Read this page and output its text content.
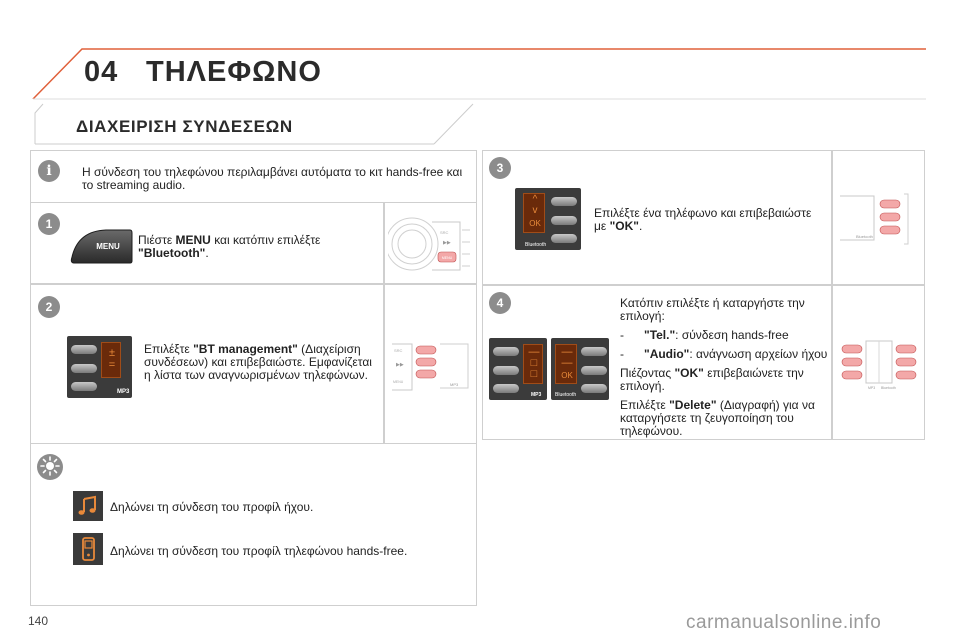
04 ΤΗΛΕΦΩΝΟ
ΔΙΑΧΕΙΡΙΣΗ ΣΥΝΔΕΣΕΩΝ
i	Η σύνδεση του τηλεφώνου περιλαμβάνει αυτόματα το κιτ hands-free και το streaming audio.
1
MENU Πιέστε MENU και κατόπιν επιλέξτε "Bluetooth".
SRC
▶▶
MENU
2
±
=
MP3
Επιλέξτε "BT management" (Διαχείριση συνδέσεων) και επιβεβαιώστε. Εμφανίζεται η λίστα των αναγνωρισμένων τηλεφώνων.
SRC
▶▶
MENU	MP3
Δηλώνει τη σύνδεση του προφίλ ήχου.
Δηλώνει τη σύνδεση του προφίλ τηλεφώνου hands-free.
3
^
v
OK
Bluetooth
Επιλέξτε ένα τηλέφωνο και επιβεβαιώστε με "OK".
Bluetooth
4
—
□
□
MP3
—
—
OK
Bluetooth
Κατόπιν επιλέξτε ή καταργήστε την επιλογή:
-	"Tel.": σύνδεση hands-free
-	"Audio": ανάγνωση αρχείων ήχου
Πιέζοντας "OK" επιβεβαιώνετε την επιλογή.
Επιλέξτε "Delete" (Διαγραφή) για να καταργήσετε τη ζευγοποίηση του τηλεφώνου.
MP3 Bluetooth
140	carmanualsonline.info
